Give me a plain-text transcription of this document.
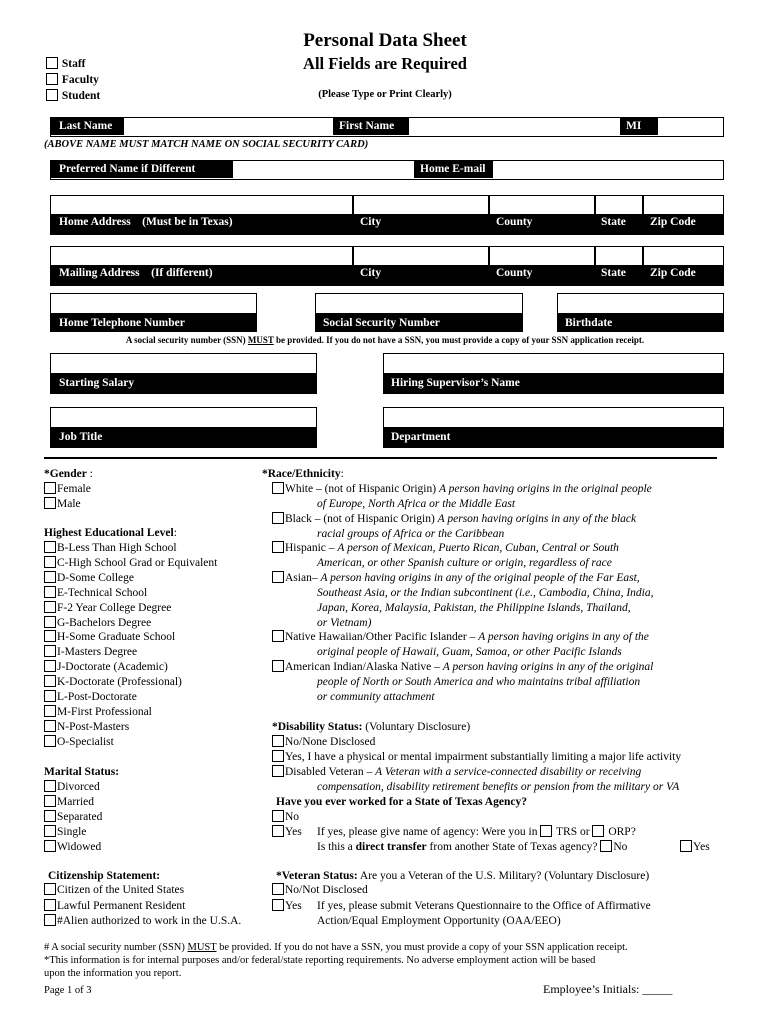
Personal Data Sheet
All Fields are Required
(Please Type or Print Clearly)
Staff
Faculty
Student
Last Name	First Name	MI
(ABOVE NAME MUST MATCH NAME ON SOCIAL SECURITY CARD)
Preferred Name if Different	Home E-mail
Home Address    (Must be in Texas)	City	County	State Zip Code
Mailing Address    (If different)	City	County	State Zip Code
Home Telephone Number	Social Security Number	Birthdate
A social security number (SSN) MUST be provided. If you do not have a SSN, you must provide a copy of your SSN application receipt.
Starting Salary	Hiring Supervisor’s Name
Job Title	Department
*Gender :
Female
Male
Highest Educational Level:
B-Less Than High School
C-High School Grad or Equivalent
D-Some College
E-Technical School
F-2 Year College Degree
G-Bachelors Degree
H-Some Graduate School
I-Masters Degree
J-Doctorate (Academic)
K-Doctorate (Professional)
L-Post-Doctorate
M-First Professional
N-Post-Masters
O-Specialist
Marital Status:
Divorced
Married
Separated
Single
Widowed
Citizenship Statement:
Citizen of the United States
Lawful Permanent Resident
#Alien authorized to work in the U.S.A.
*Race/Ethnicity:
White – (not of Hispanic Origin) A person having origins in the original people
of Europe, North Africa or the Middle East
Black – (not of Hispanic Origin) A person having origins in any of the black
racial groups of Africa or the Caribbean
Hispanic – A person of Mexican, Puerto Rican, Cuban, Central or South
American, or other Spanish culture or origin, regardless of race
Asian– A person having origins in any of the original people of the Far East,
Southeast Asia, or the Indian subcontinent (i.e., Cambodia, China, India,
Japan, Korea, Malaysia, Pakistan, the Philippine Islands, Thailand,
or Vietnam)
Native Hawaiian/Other Pacific Islander – A person having origins in any of the
original people of Hawaii, Guam, Samoa, or other Pacific Islands
American Indian/Alaska Native – A person having origins in any of the original
people of North or South America and who maintains tribal affiliation
or community attachment
*Disability Status: (Voluntary Disclosure)
No/None Disclosed
Yes, I have a physical or mental impairment substantially limiting a major life activity
Disabled Veteran – A Veteran with a service-connected disability or receiving
compensation, disability retirement benefits or pension from the military or VA
Have you ever worked for a State of Texas Agency?
No
Yes If yes, please give name of agency: Were you in  TRS or  ORP?
Is this a direct transfer from another State of Texas agency? No	Yes
*Veteran Status: Are you a Veteran of the U.S. Military? (Voluntary Disclosure)
No/Not Disclosed
Yes If yes, please submit Veterans Questionnaire to the Office of Affirmative
Action/Equal Employment Opportunity (OAA/EEO)
# A social security number (SSN) MUST be provided. If you do not have a SSN, you must provide a copy of your SSN application receipt.
*This information is for internal purposes and/or federal/state reporting requirements. No adverse employment action will be based
upon the information you report.
Page 1 of 3	Employee’s Initials: _____
